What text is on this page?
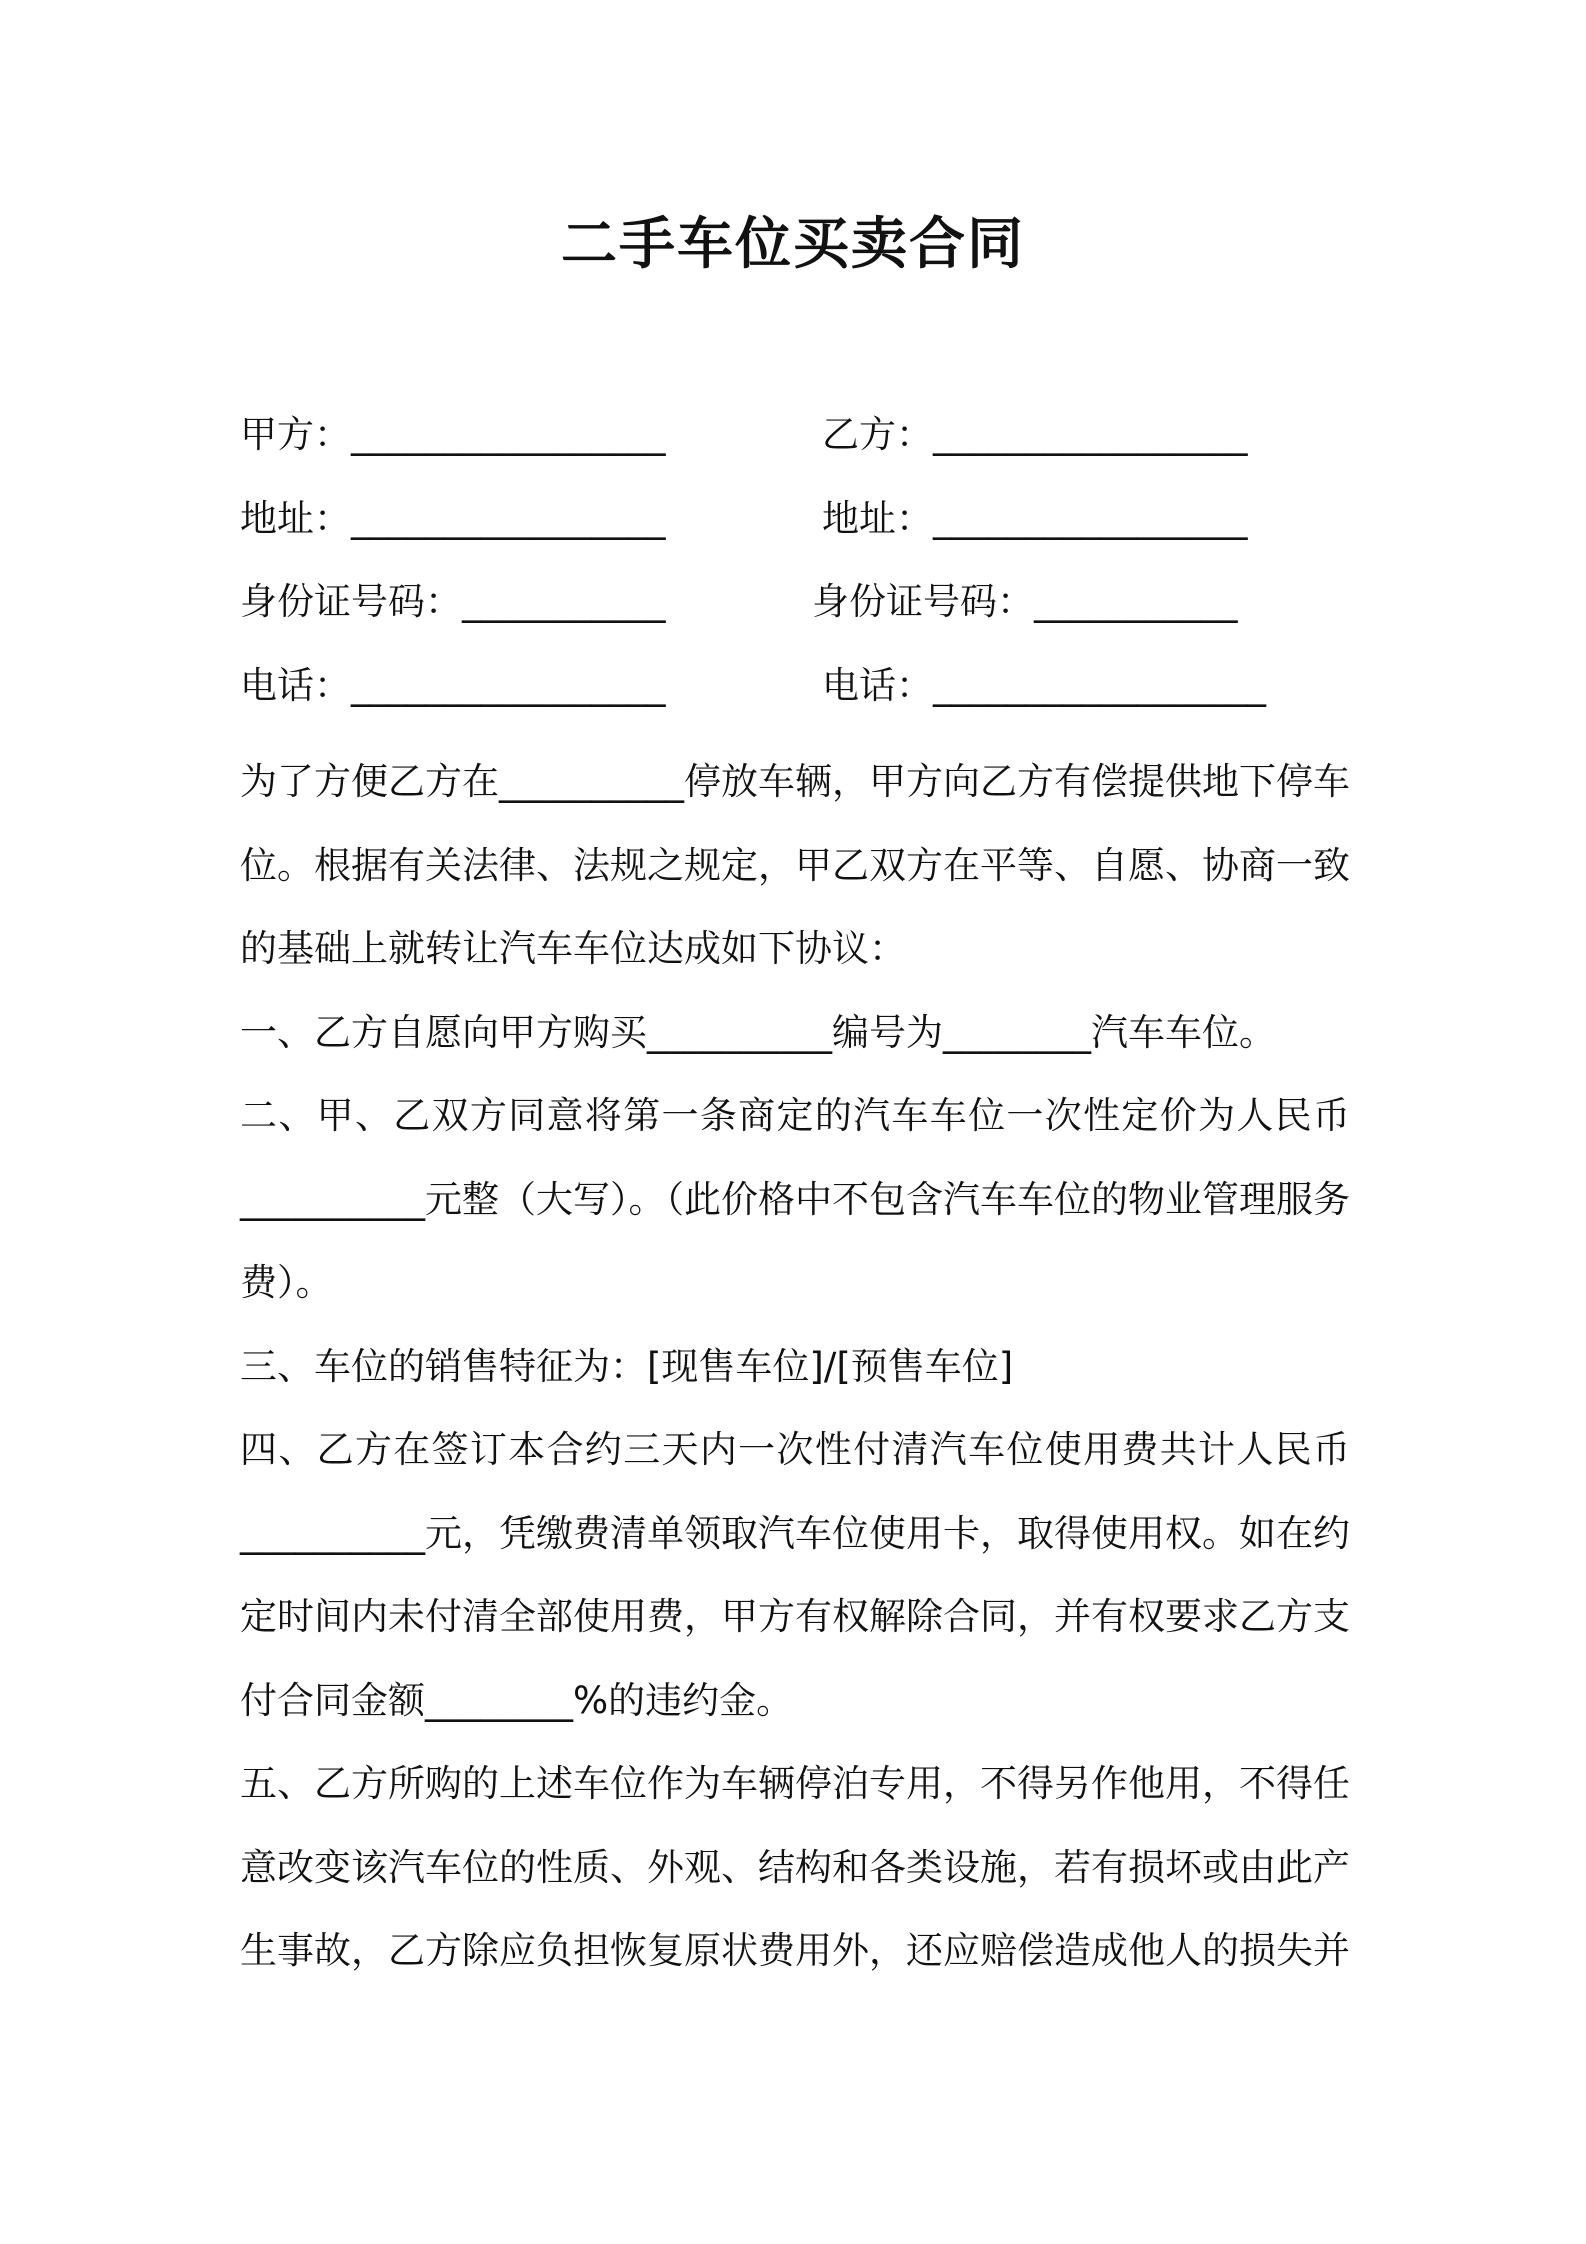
二手车位买卖合同
甲方：_________________	乙方：_________________
地址：_________________	地址：_________________
身份证号码：___________	身份证号码：___________
电话：_________________	电话：__________________

为了方便乙方在__________停放车辆，甲方向乙方有偿提供地下停车位。根据有关法律、法规之规定，甲乙双方在平等、自愿、协商一致的基础上就转让汽车车位达成如下协议：

一、乙方自愿向甲方购买__________编号为________汽车车位。

二、甲、乙双方同意将第一条商定的汽车车位一次性定价为人民币__________元整（大写）。（此价格中不包含汽车车位的物业管理服务费）。

三、车位的销售特征为：[现售车位]/[预售车位]

四、乙方在签订本合约三天内一次性付清汽车位使用费共计人民币__________元，凭缴费清单领取汽车位使用卡，取得使用权。如在约定时间内未付清全部使用费，甲方有权解除合同，并有权要求乙方支付合同金额________%的违约金。

五、乙方所购的上述车位作为车辆停泊专用，不得另作他用，不得任意改变该汽车位的性质、外观、结构和各类设施，若有损坏或由此产生事故，乙方除应负担恢复原状费用外，还应赔偿造成他人的损失并
